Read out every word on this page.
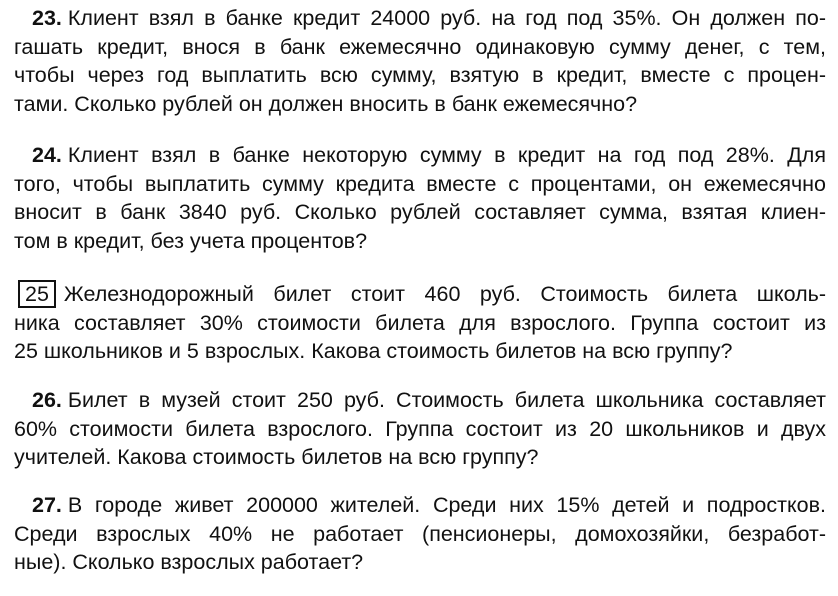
23. Клиент взял в банке кредит 24000 руб. на год под 35%. Он должен по-
гашать кредит, внося в банк ежемесячно одинаковую сумму денег, с тем,
чтобы через год выплатить всю сумму, взятую в кредит, вместе с процен-
тами. Сколько рублей он должен вносить в банк ежемесячно?
24. Клиент взял в банке некоторую сумму в кредит на год под 28%. Для
того, чтобы выплатить сумму кредита вместе с процентами, он ежемесячно
вносит в банк 3840 руб. Сколько рублей составляет сумма, взятая клиен-
том в кредит, без учета процентов?
25 Железнодорожный билет стоит 460 руб. Стоимость билета школь-
ника составляет 30% стоимости билета для взрослого. Группа состоит из
25 школьников и 5 взрослых. Какова стоимость билетов на всю группу?
26. Билет в музей стоит 250 руб. Стоимость билета школьника составляет
60% стоимости билета взрослого. Группа состоит из 20 школьников и двух
учителей. Какова стоимость билетов на всю группу?
27. В городе живет 200000 жителей. Среди них 15% детей и подростков.
Среди взрослых 40% не работает (пенсионеры, домохозяйки, безработ-
ные). Сколько взрослых работает?
